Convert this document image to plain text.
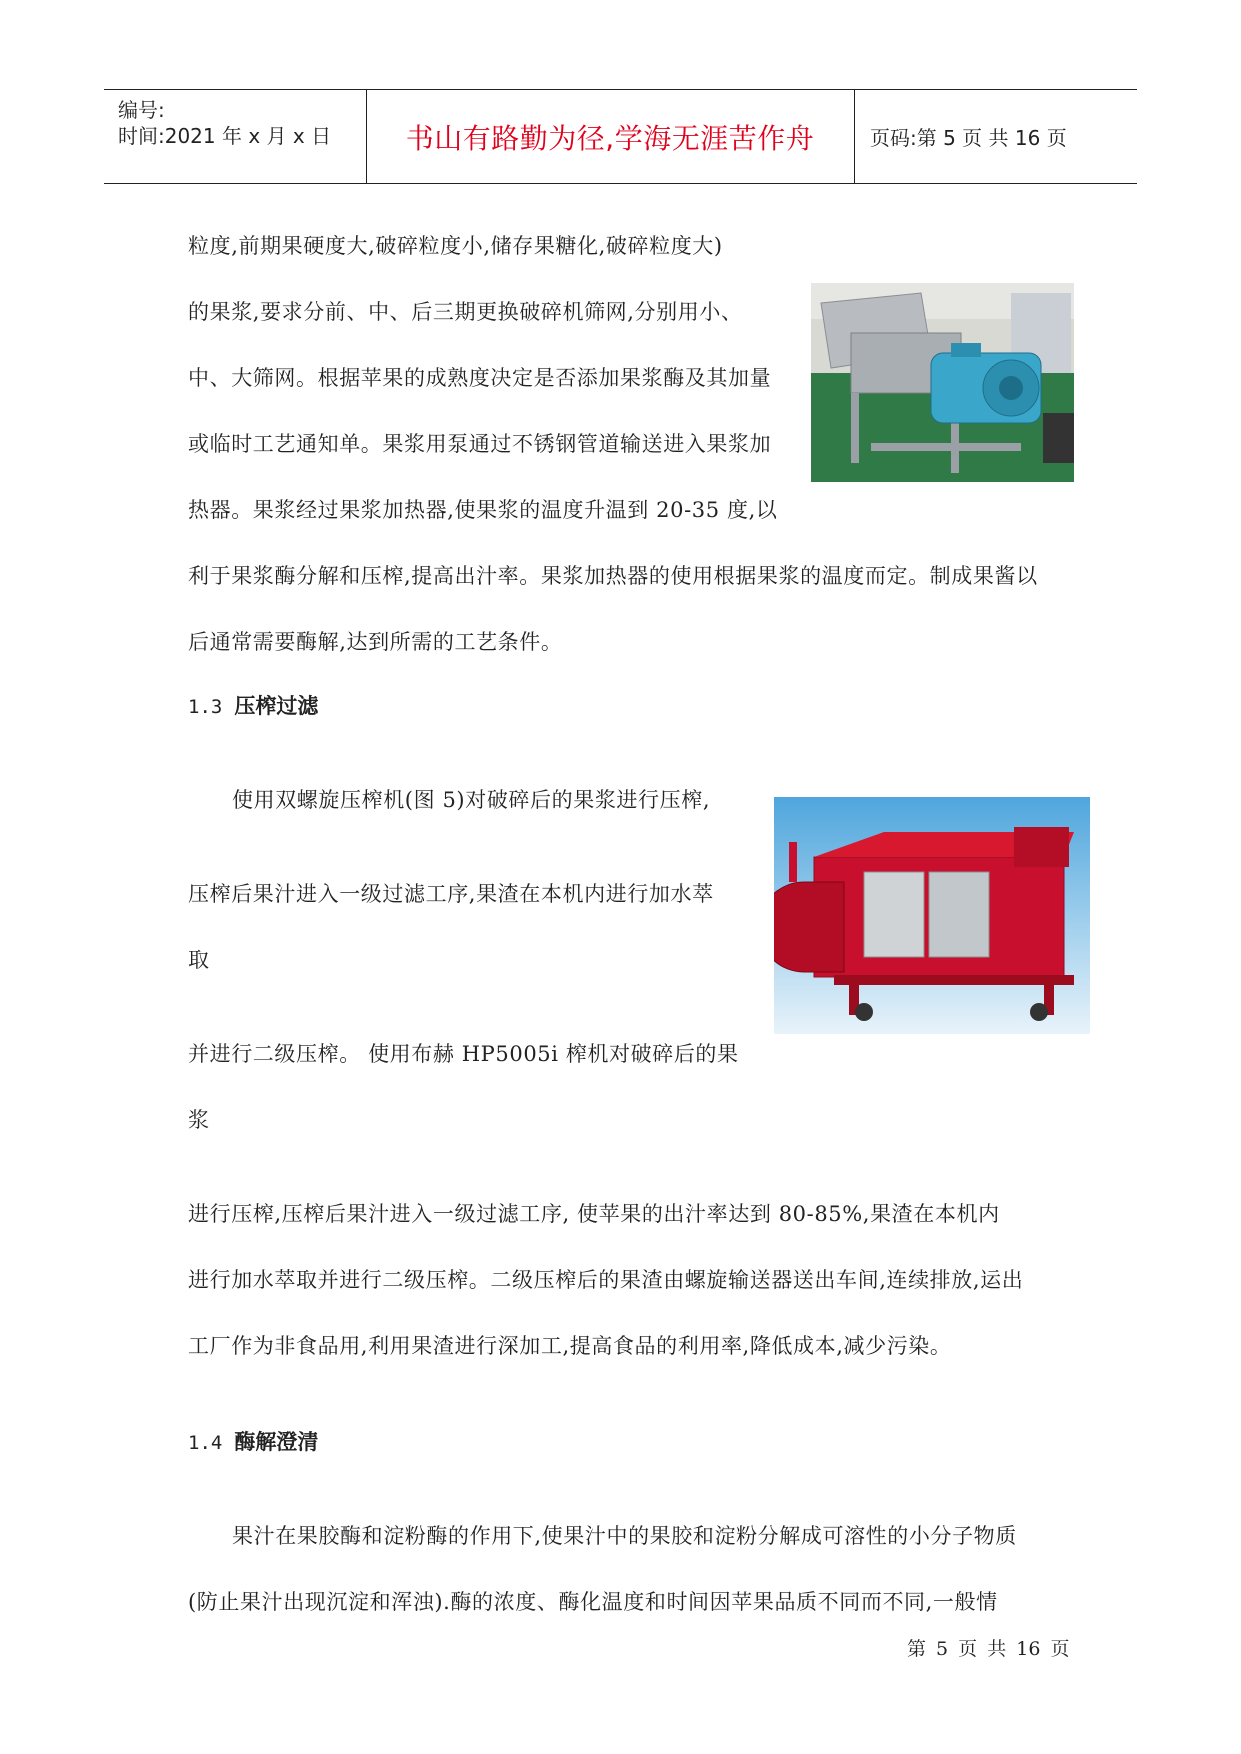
编号:
时间:2021 年 x 月 x 日	书山有路勤为径,学海无涯苦作舟	页码:第 5 页 共 16 页
粒度,前期果硬度大,破碎粒度小,储存果糖化,破碎粒度大)
的果浆,要求分前、中、后三期更换破碎机筛网,分别用小、
中、大筛网。根据苹果的成熟度决定是否添加果浆酶及其加量
或临时工艺通知单。果浆用泵通过不锈钢管道输送进入果浆加
热器。果浆经过果浆加热器,使果浆的温度升温到 20-35 度,以
利于果浆酶分解和压榨,提高出汁率。果浆加热器的使用根据果浆的温度而定。制成果酱以
后通常需要酶解,达到所需的工艺条件。
1.3 压榨过滤
使用双螺旋压榨机(图 5)对破碎后的果浆进行压榨,
压榨后果汁进入一级过滤工序,果渣在本机内进行加水萃
取
并进行二级压榨。 使用布赫 HP5005i 榨机对破碎后的果
浆
进行压榨,压榨后果汁进入一级过滤工序, 使苹果的出汁率达到 80-85%,果渣在本机内
进行加水萃取并进行二级压榨。二级压榨后的果渣由螺旋输送器送出车间,连续排放,运出
工厂作为非食品用,利用果渣进行深加工,提高食品的利用率,降低成本,减少污染。
1.4 酶解澄清
果汁在果胶酶和淀粉酶的作用下,使果汁中的果胶和淀粉分解成可溶性的小分子物质
(防止果汁出现沉淀和浑浊).酶的浓度、酶化温度和时间因苹果品质不同而不同,一般情
第 5 页 共 16 页
